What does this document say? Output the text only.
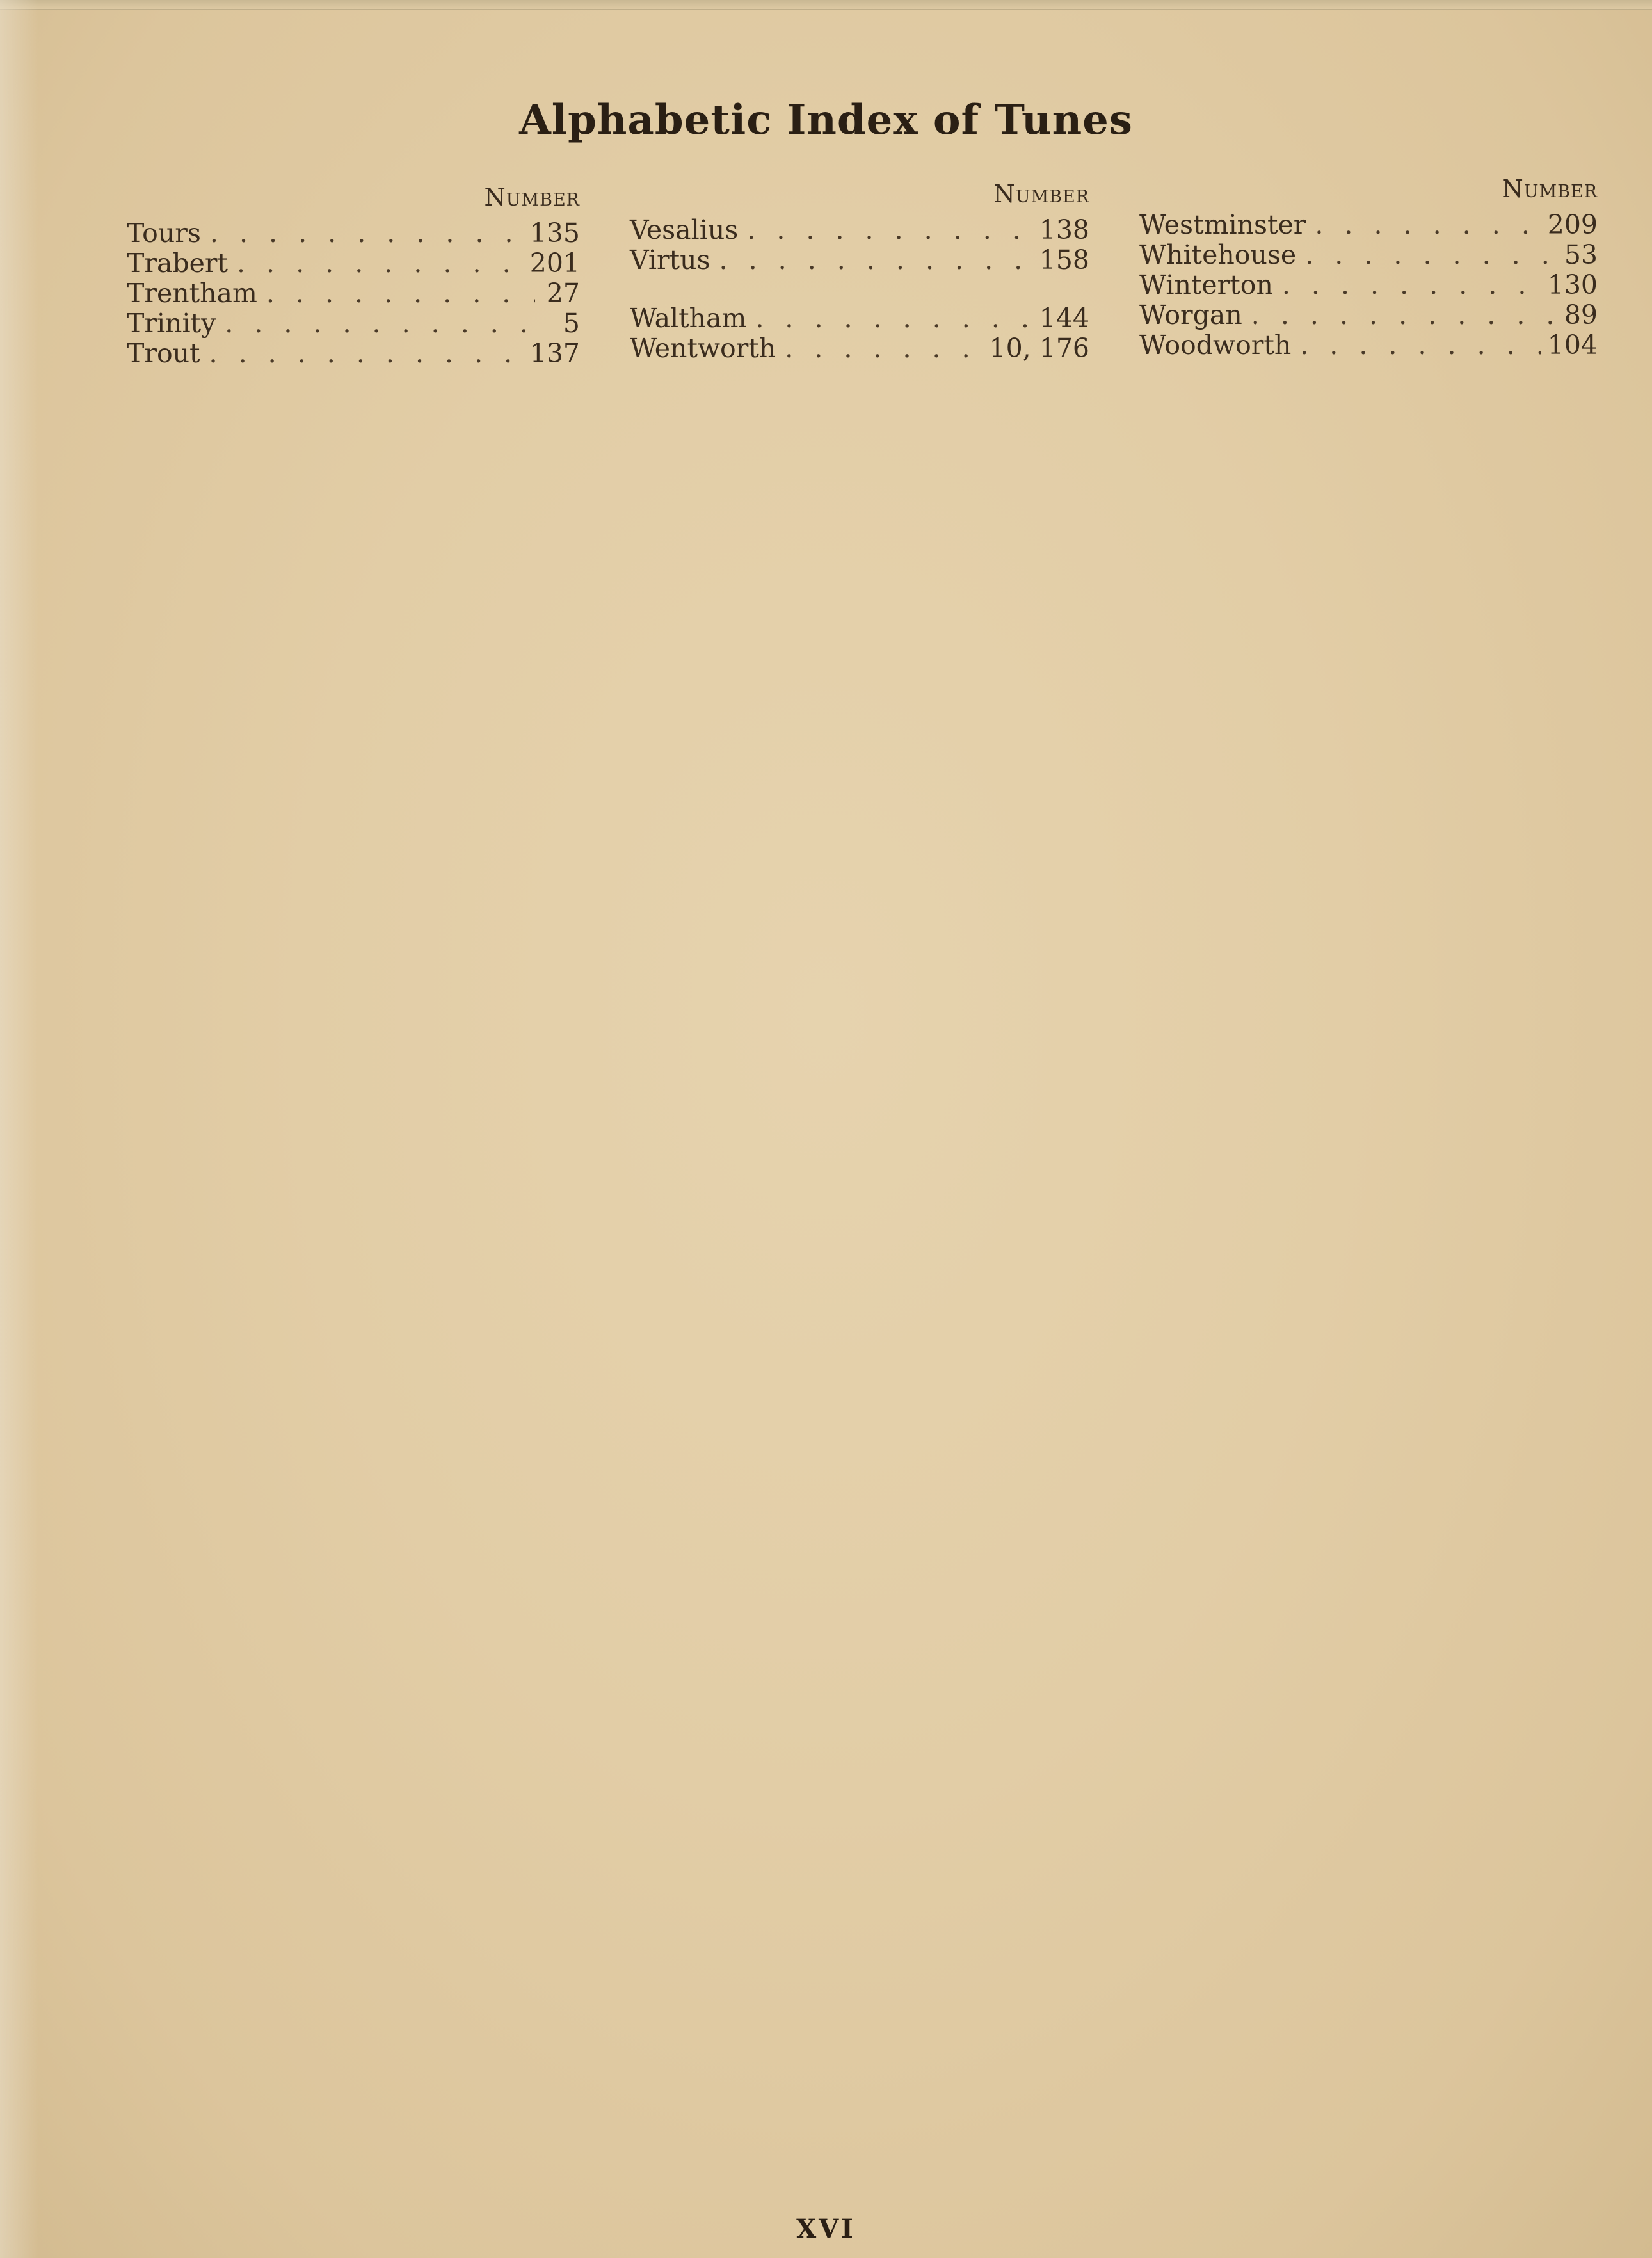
Alphabetic Index of Tunes
Number
Tours . . .	135
Trabert . . .	201
Trentham . . .	27
Trinity . . .	5
Trout . . .	137
Number
Vesalius . . .	138
Virtus . . .	158
Waltham . . .	144
Wentworth . . .	10, 176
Number
Westminster . . .	209
Whitehouse . . .	53
Winterton . . .	130
Worgan . . .	89
Woodworth . . .	104
XVI
